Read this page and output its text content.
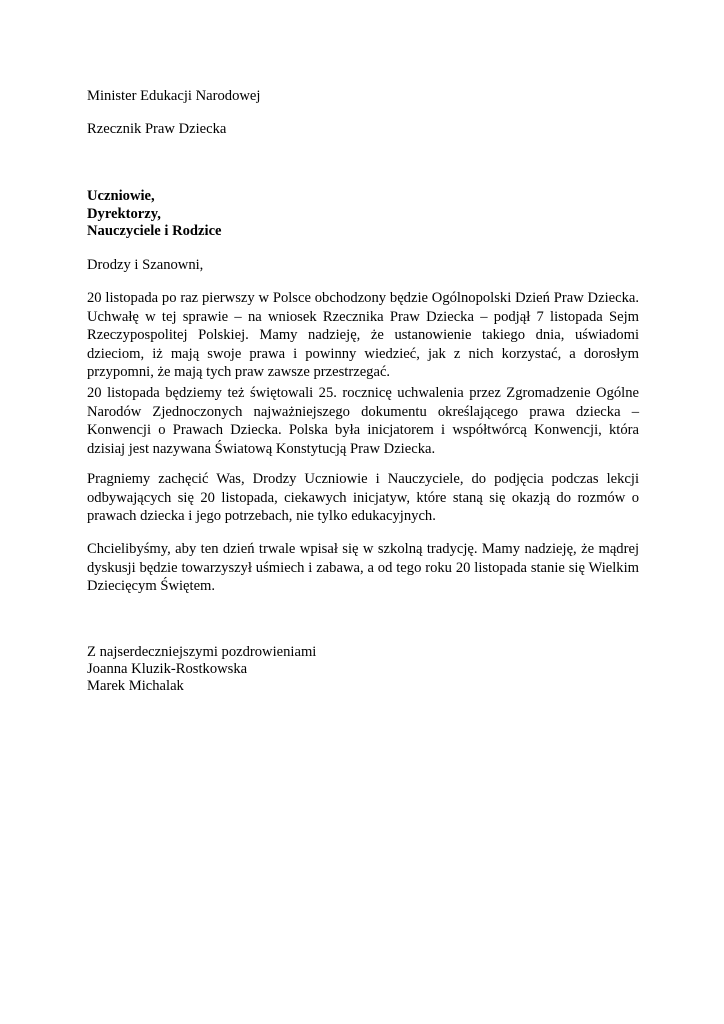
Minister Edukacji Narodowej
Rzecznik Praw Dziecka
Uczniowie,
Dyrektorzy,
Nauczyciele i Rodzice
Drodzy i Szanowni,

20 listopada po raz pierwszy w Polsce obchodzony będzie Ogólnopolski Dzień Praw Dziecka. Uchwałę w tej sprawie – na wniosek Rzecznika Praw Dziecka – podjął 7 listopada Sejm Rzeczypospolitej Polskiej. Mamy nadzieję, że ustanowienie takiego dnia, uświadomi dzieciom, iż mają swoje prawa i powinny wiedzieć, jak z nich korzystać, a dorosłym przypomni, że mają tych praw zawsze przestrzegać.

20 listopada będziemy też świętowali 25. rocznicę uchwalenia przez Zgromadzenie Ogólne Narodów Zjednoczonych najważniejszego dokumentu określającego prawa dziecka – Konwencji o Prawach Dziecka. Polska była inicjatorem i współtwórcą Konwencji, która dzisiaj jest nazywana Światową Konstytucją Praw Dziecka.

Pragniemy zachęcić Was, Drodzy Uczniowie i Nauczyciele, do podjęcia podczas lekcji odbywających się 20 listopada, ciekawych inicjatyw, które staną się okazją do rozmów o prawach dziecka i jego potrzebach, nie tylko edukacyjnych.

Chcielibyśmy, aby ten dzień trwale wpisał się w szkolną tradycję. Mamy nadzieję, że mądrej dyskusji będzie towarzyszył uśmiech i zabawa, a od tego roku 20 listopada stanie się Wielkim Dziecięcym Świętem.

Z najserdeczniejszymi pozdrowieniami
Joanna Kluzik-Rostkowska
Marek Michalak
